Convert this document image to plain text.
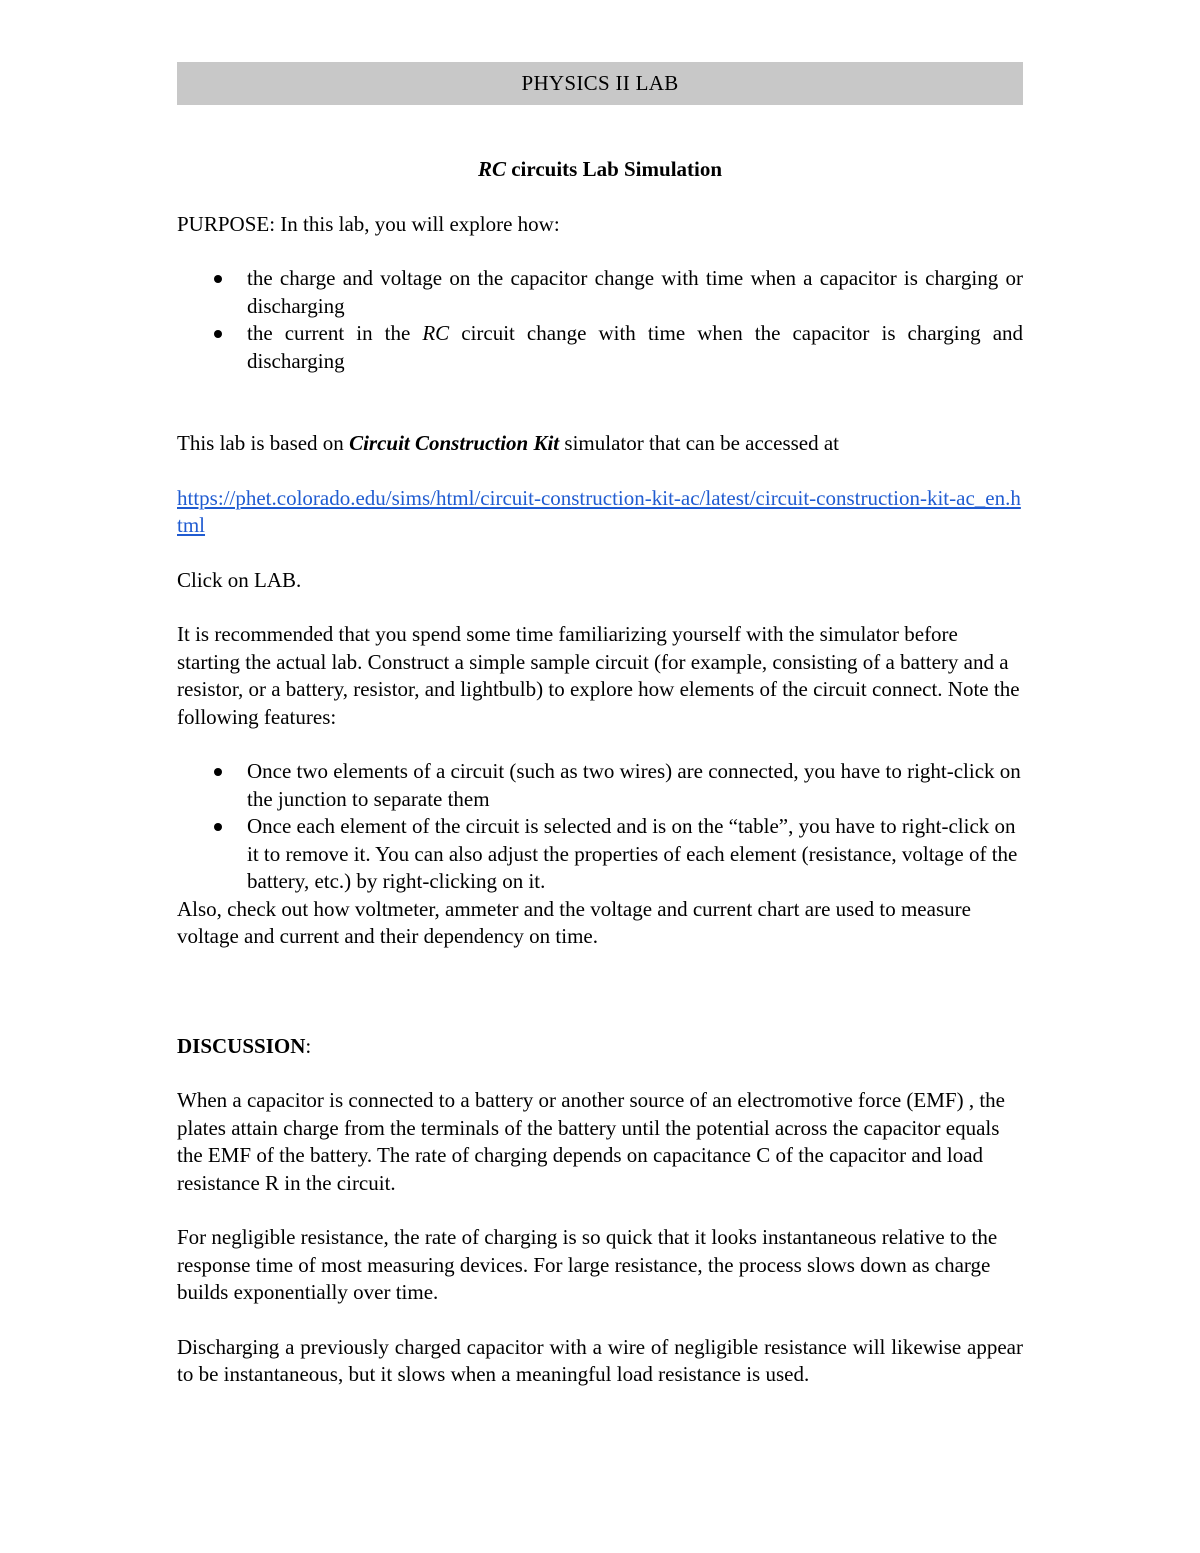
PHYSICS II LAB

RC circuits Lab Simulation

PURPOSE: In this lab, you will explore how:

the charge and voltage on the capacitor change with time when a capacitor is charging or discharging
the current in the RC circuit change with time when the capacitor is charging and discharging

This lab is based on Circuit Construction Kit simulator that can be accessed at

https://phet.colorado.edu/sims/html/circuit-construction-kit-ac/latest/circuit-construction-kit-ac_en.html

Click on LAB.

It is recommended that you spend some time familiarizing yourself with the simulator before starting the actual lab. Construct a simple sample circuit (for example, consisting of a battery and a resistor, or a battery, resistor, and lightbulb) to explore how elements of the circuit connect. Note the following features:

Once two elements of a circuit (such as two wires) are connected, you have to right-click on the junction to separate them
Once each element of the circuit is selected and is on the “table”, you have to right-click on it to remove it. You can also adjust the properties of each element (resistance, voltage of the battery, etc.) by right-clicking on it.

Also, check out how voltmeter, ammeter and the voltage and current chart are used to measure voltage and current and their dependency on time.

DISCUSSION:

When a capacitor is connected to a battery or another source of an electromotive force (EMF) , the plates attain charge from the terminals of the battery until the potential across the capacitor equals the EMF of the battery. The rate of charging depends on capacitance C of the capacitor and load resistance R in the circuit.

For negligible resistance, the rate of charging is so quick that it looks instantaneous relative to the response time of most measuring devices. For large resistance, the process slows down as charge builds exponentially over time.

Discharging a previously charged capacitor with a wire of negligible resistance will likewise appear to be instantaneous, but it slows when a meaningful load resistance is used.
